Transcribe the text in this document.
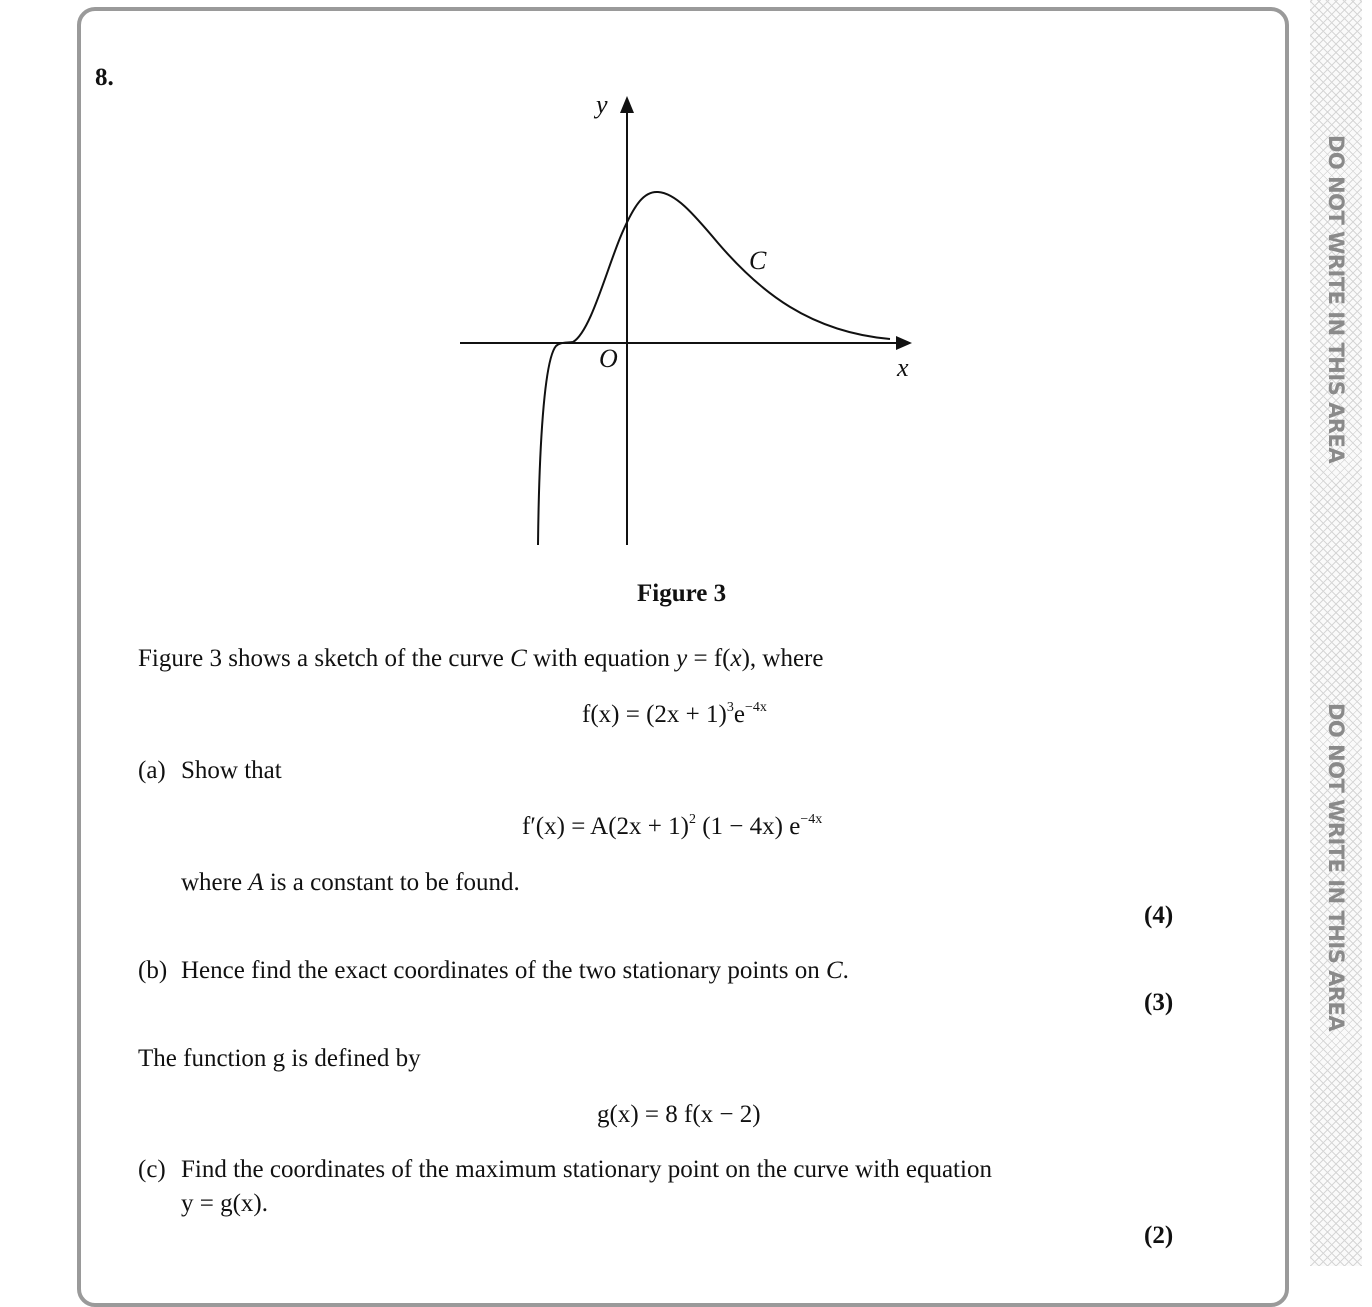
DO NOT WRITE IN THIS AREA
DO NOT WRITE IN THIS AREA
8.
y
x
O
C
Figure 3
Figure 3 shows a sketch of the curve C with equation y = f(x), where
$f(x) = (2x + 1)^3e^{-4x}$
(a) Show that
$f'(x) = A(2x + 1)^2$ (1 − 4x) $e^{-4x}$
where A is a constant to be found.
(4)
(b) Hence find the exact coordinates of the two stationary points on C.
(3)
The function g is defined by
g(x) = 8 f(x − 2)
(c) Find the coordinates of the maximum stationary point on the curve with equation
y = g(x).
(2)
